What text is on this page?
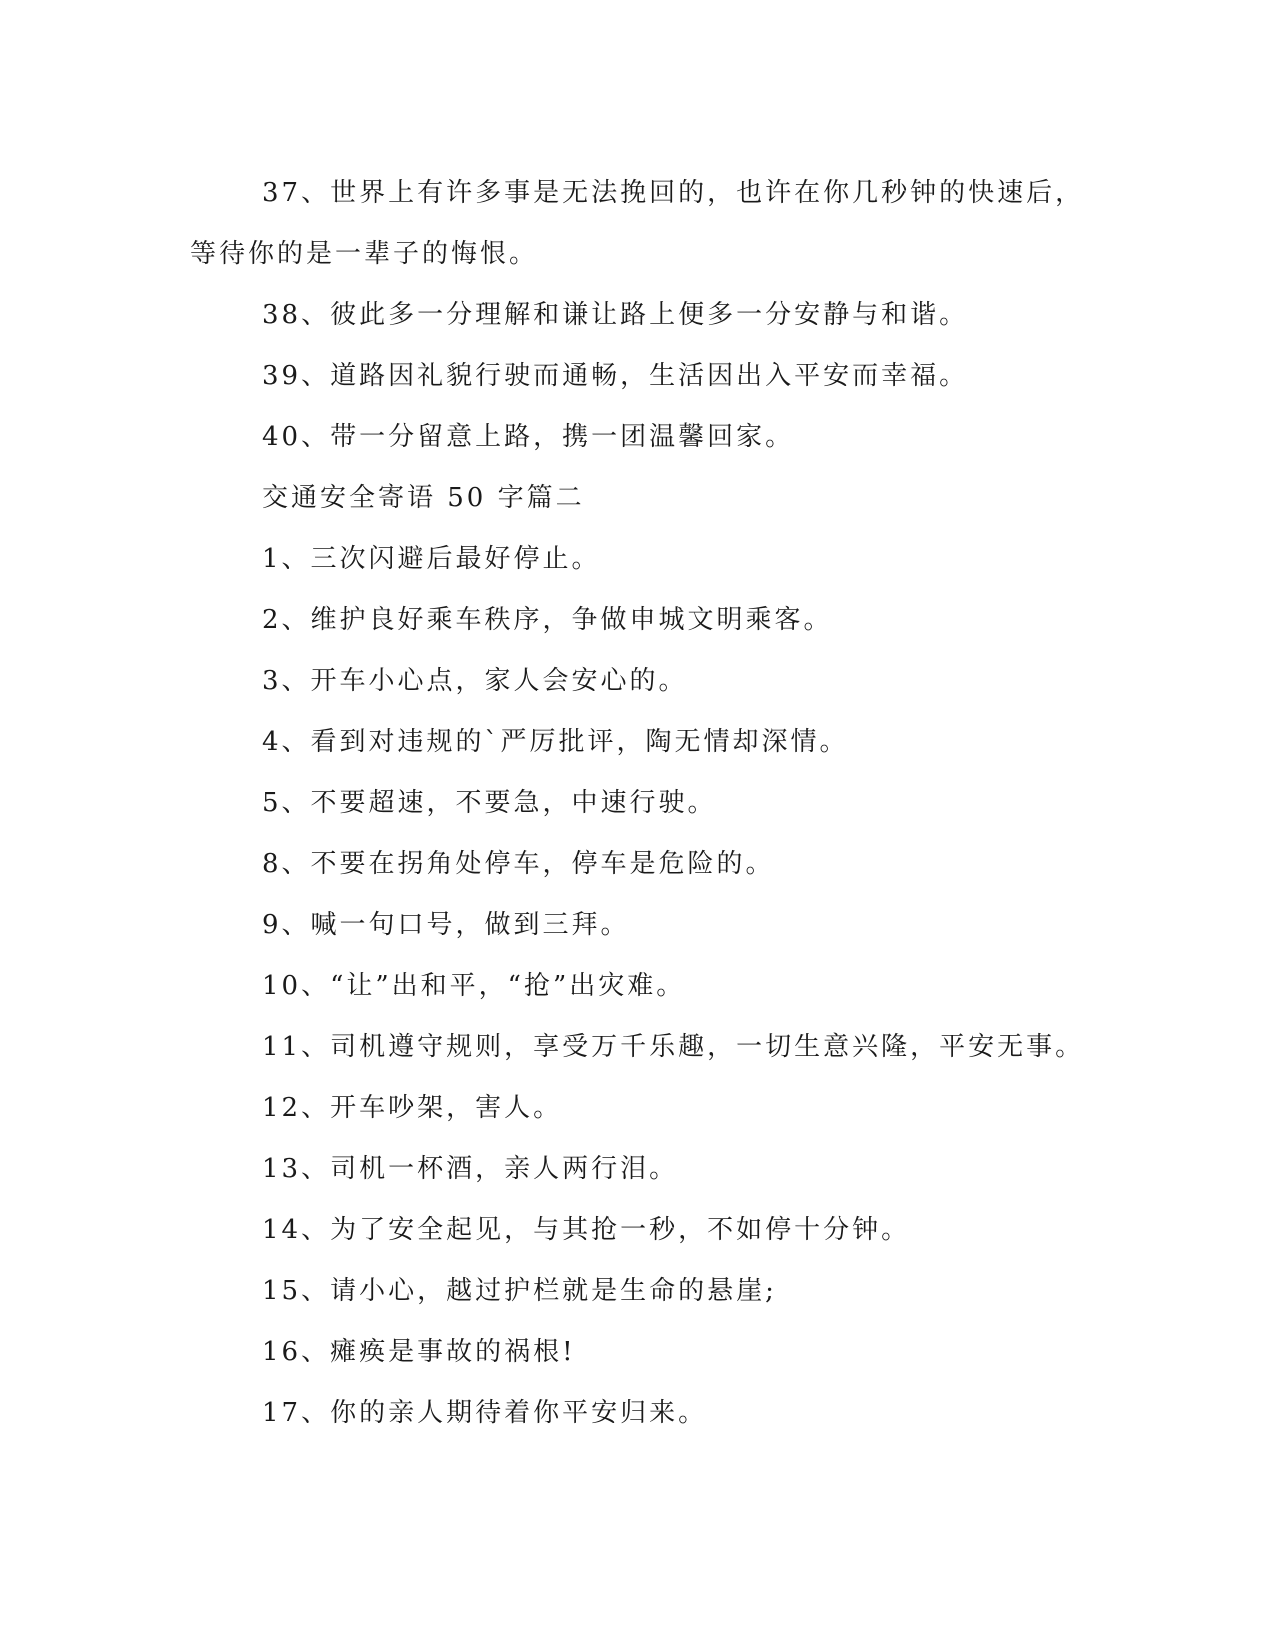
37、世界上有许多事是无法挽回的，也许在你几秒钟的快速后，等待你的是一辈子的悔恨。

38、彼此多一分理解和谦让路上便多一分安静与和谐。

39、道路因礼貌行驶而通畅，生活因出入平安而幸福。

40、带一分留意上路，携一团温馨回家。

交通安全寄语 50 字篇二

1、三次闪避后最好停止。

2、维护良好乘车秩序，争做申城文明乘客。

3、开车小心点，家人会安心的。

4、看到对违规的`严厉批评，陶无情却深情。

5、不要超速，不要急，中速行驶。

8、不要在拐角处停车，停车是危险的。

9、喊一句口号，做到三拜。

10、“让”出和平，“抢”出灾难。

11、司机遵守规则，享受万千乐趣，一切生意兴隆，平安无事。

12、开车吵架，害人。

13、司机一杯酒，亲人两行泪。

14、为了安全起见，与其抢一秒，不如停十分钟。

15、请小心，越过护栏就是生命的悬崖;

16、瘫痪是事故的祸根!

17、你的亲人期待着你平安归来。
